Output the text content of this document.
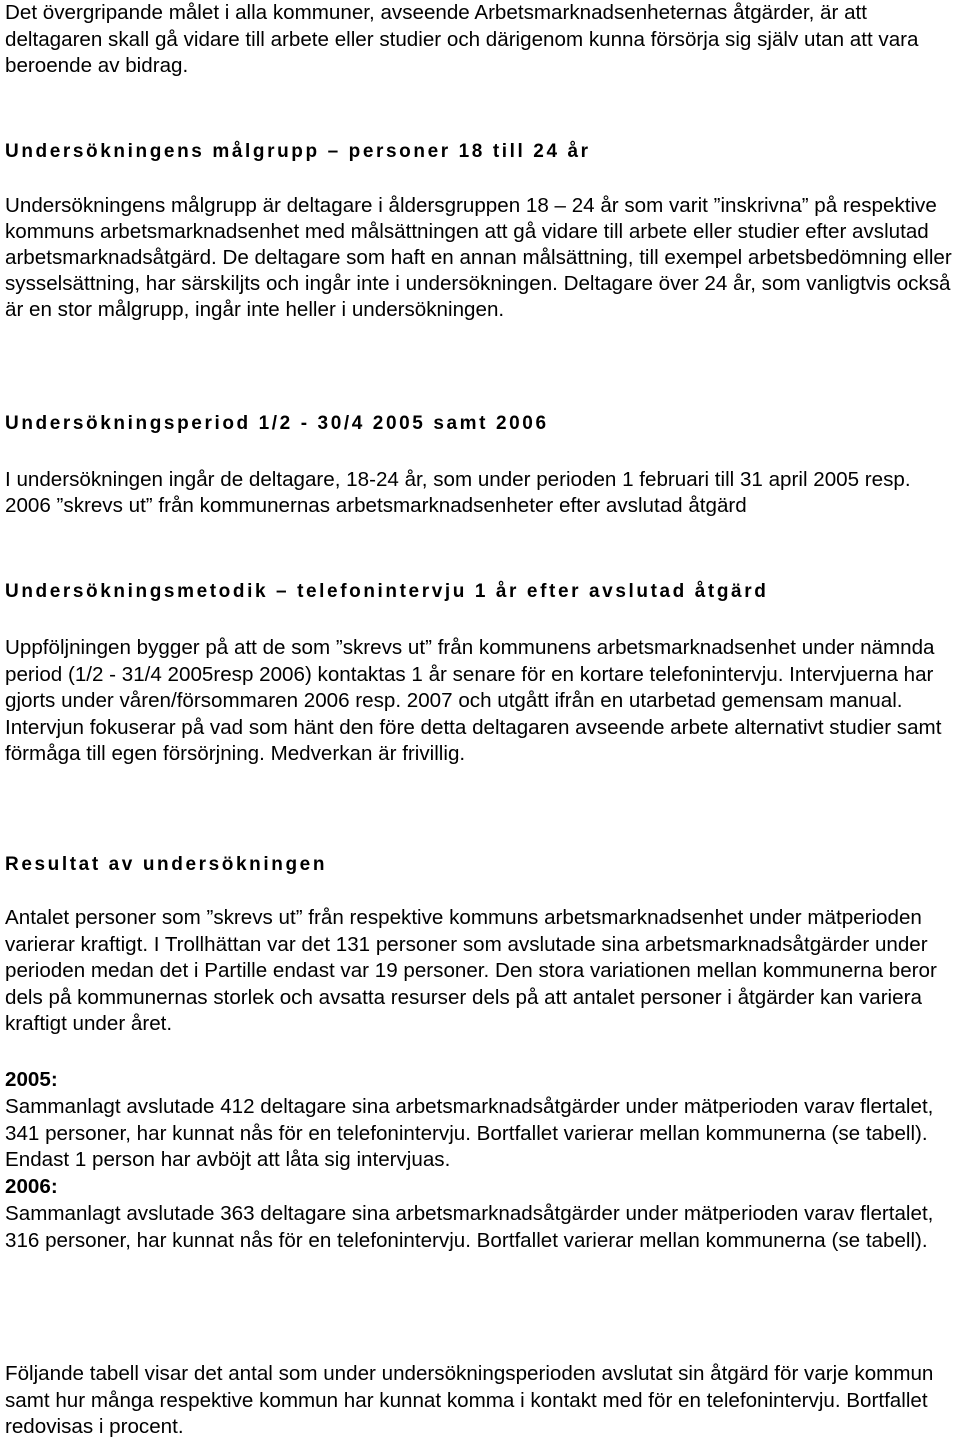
Det övergripande målet i alla kommuner, avseende Arbetsmarknadsenheternas åtgärder, är att deltagaren skall gå vidare till arbete eller studier och därigenom kunna försörja sig själv utan att vara beroende av bidrag.

Undersökningens målgrupp – personer 18 till 24 år

Undersökningens målgrupp är deltagare i åldersgruppen 18 – 24 år som varit ”inskrivna” på respektive kommuns arbetsmarknadsenhet med målsättningen att gå vidare till arbete eller studier efter avslutad arbetsmarknadsåtgärd. De deltagare som haft en annan målsättning, till exempel arbetsbedömning eller sysselsättning, har särskiljts och ingår inte i undersökningen. Deltagare över 24 år, som vanligtvis också är en stor målgrupp, ingår inte heller i undersökningen.

Undersökningsperiod 1/2 - 30/4 2005 samt 2006

I undersökningen ingår de deltagare, 18-24 år, som under perioden 1 februari till 31 april 2005 resp. 2006 ”skrevs ut” från kommunernas arbetsmarknadsenheter efter avslutad åtgärd

Undersökningsmetodik – telefonintervju 1 år efter avslutad åtgärd

Uppföljningen bygger på att de som ”skrevs ut” från kommunens arbetsmarknadsenhet under nämnda period (1/2 - 31/4 2005resp 2006) kontaktas 1 år senare för en kortare telefonintervju. Intervjuerna har gjorts under våren/försommaren 2006 resp. 2007 och utgått ifrån en utarbetad gemensam manual. Intervjun fokuserar på vad som hänt den före detta deltagaren avseende arbete alternativt studier samt förmåga till egen försörjning. Medverkan är frivillig.

Resultat av undersökningen

Antalet personer som ”skrevs ut” från respektive kommuns arbetsmarknadsenhet under mätperioden varierar kraftigt. I Trollhättan var det 131 personer som avslutade sina arbetsmarknadsåtgärder under perioden medan det i Partille endast var 19 personer. Den stora variationen mellan kommunerna beror dels på kommunernas storlek och avsatta resurser dels på att antalet personer i åtgärder kan variera kraftigt under året.

2005:

Sammanlagt avslutade 412 deltagare sina arbetsmarknadsåtgärder under mätperioden varav flertalet, 341 personer, har kunnat nås för en telefonintervju. Bortfallet varierar mellan kommunerna (se tabell). Endast 1 person har avböjt att låta sig intervjuas.

2006:

Sammanlagt avslutade 363 deltagare sina arbetsmarknadsåtgärder under mätperioden varav flertalet, 316 personer, har kunnat nås för en telefonintervju. Bortfallet varierar mellan kommunerna (se tabell).

Följande tabell visar det antal som under undersökningsperioden avslutat sin åtgärd för varje kommun samt hur många respektive kommun har kunnat komma i kontakt med för en telefonintervju. Bortfallet redovisas i procent.
